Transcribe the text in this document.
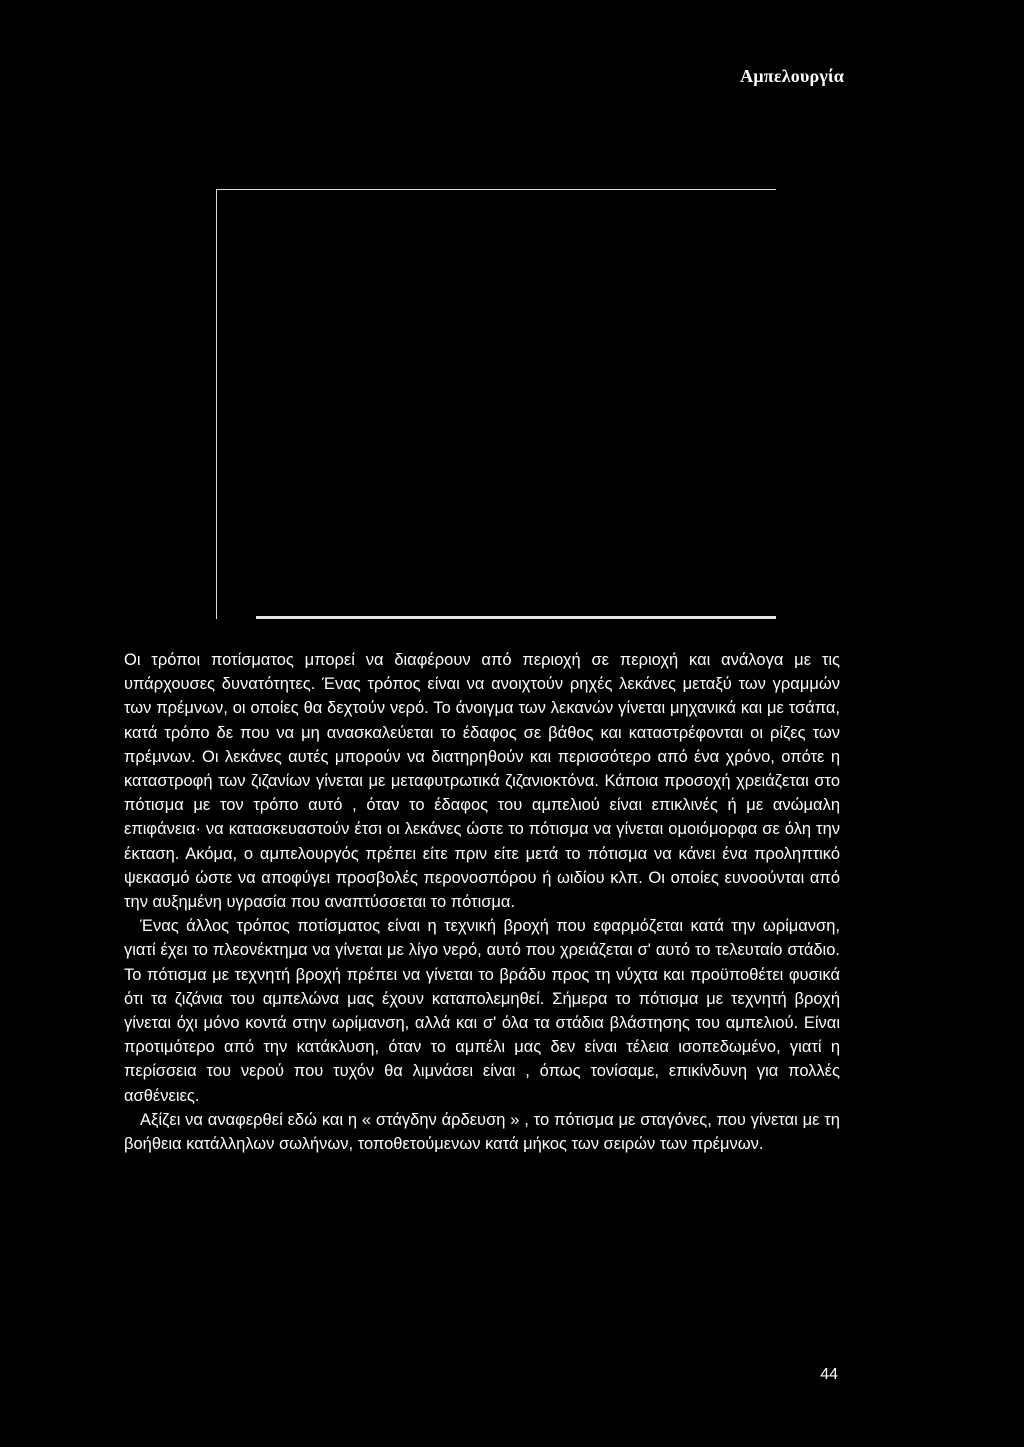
Αμπελουργία

Οι τρόποι ποτίσματος μπορεί να διαφέρουν από περιοχή σε περιοχή και ανάλογα με τις υπάρχουσες δυνατότητες. Ένας τρόπος είναι να ανοιχτούν ρηχές λεκάνες μεταξύ των γραμμών των πρέμνων, οι οποίες θα δεχτούν νερό. Το άνοιγμα των λεκανών γίνεται μηχανικά και με τσάπα, κατά τρόπο δε που να μη ανασκαλεύεται το έδαφος σε βάθος και καταστρέφονται οι ρίζες των πρέμνων. Οι λεκάνες αυτές μπορούν να διατηρηθούν και περισσότερο από ένα χρόνο, οπότε η καταστροφή των ζιζανίων γίνεται με μεταφυτρωτικά ζιζανιοκτόνα. Κάποια προσοχή χρειάζεται στο πότισμα με τον τρόπο αυτό , όταν το έδαφος του αμπελιού είναι επικλινές ή με ανώμαλη επιφάνεια· να κατασκευαστούν έτσι οι λεκάνες ώστε το πότισμα να γίνεται ομοιόμορφα σε όλη την έκταση. Ακόμα, ο αμπελουργός πρέπει είτε πριν είτε μετά το πότισμα να κάνει ένα προληπτικό ψεκασμό ώστε να αποφύγει προσβολές περονοσπόρου ή ωιδίου κλπ. Οι οποίες ευνοούνται από την αυξημένη υγρασία που αναπτύσσεται το πότισμα.

Ένας άλλος τρόπος ποτίσματος είναι η τεχνική βροχή που εφαρμόζεται κατά την ωρίμανση, γιατί έχει το πλεονέκτημα να γίνεται με λίγο νερό, αυτό που χρειάζεται σ' αυτό το τελευταίο στάδιο. Το πότισμα με τεχνητή βροχή πρέπει να γίνεται το βράδυ προς τη νύχτα και προϋποθέτει φυσικά ότι τα ζιζάνια του αμπελώνα μας έχουν καταπολεμηθεί. Σήμερα το πότισμα με τεχνητή βροχή γίνεται όχι μόνο κοντά στην ωρίμανση, αλλά και σ' όλα τα στάδια βλάστησης του αμπελιού. Είναι προτιμότερο από την κατάκλυση, όταν το αμπέλι μας δεν είναι τέλεια ισοπεδωμένο, γιατί η περίσσεια του νερού που τυχόν θα λιμνάσει είναι , όπως τονίσαμε, επικίνδυνη για πολλές ασθένειες.

Αξίζει να αναφερθεί εδώ και η « στάγδην άρδευση » , το πότισμα με σταγόνες, που γίνεται με τη βοήθεια κατάλληλων σωλήνων, τοποθετούμενων κατά μήκος των σειρών των πρέμνων.

44
